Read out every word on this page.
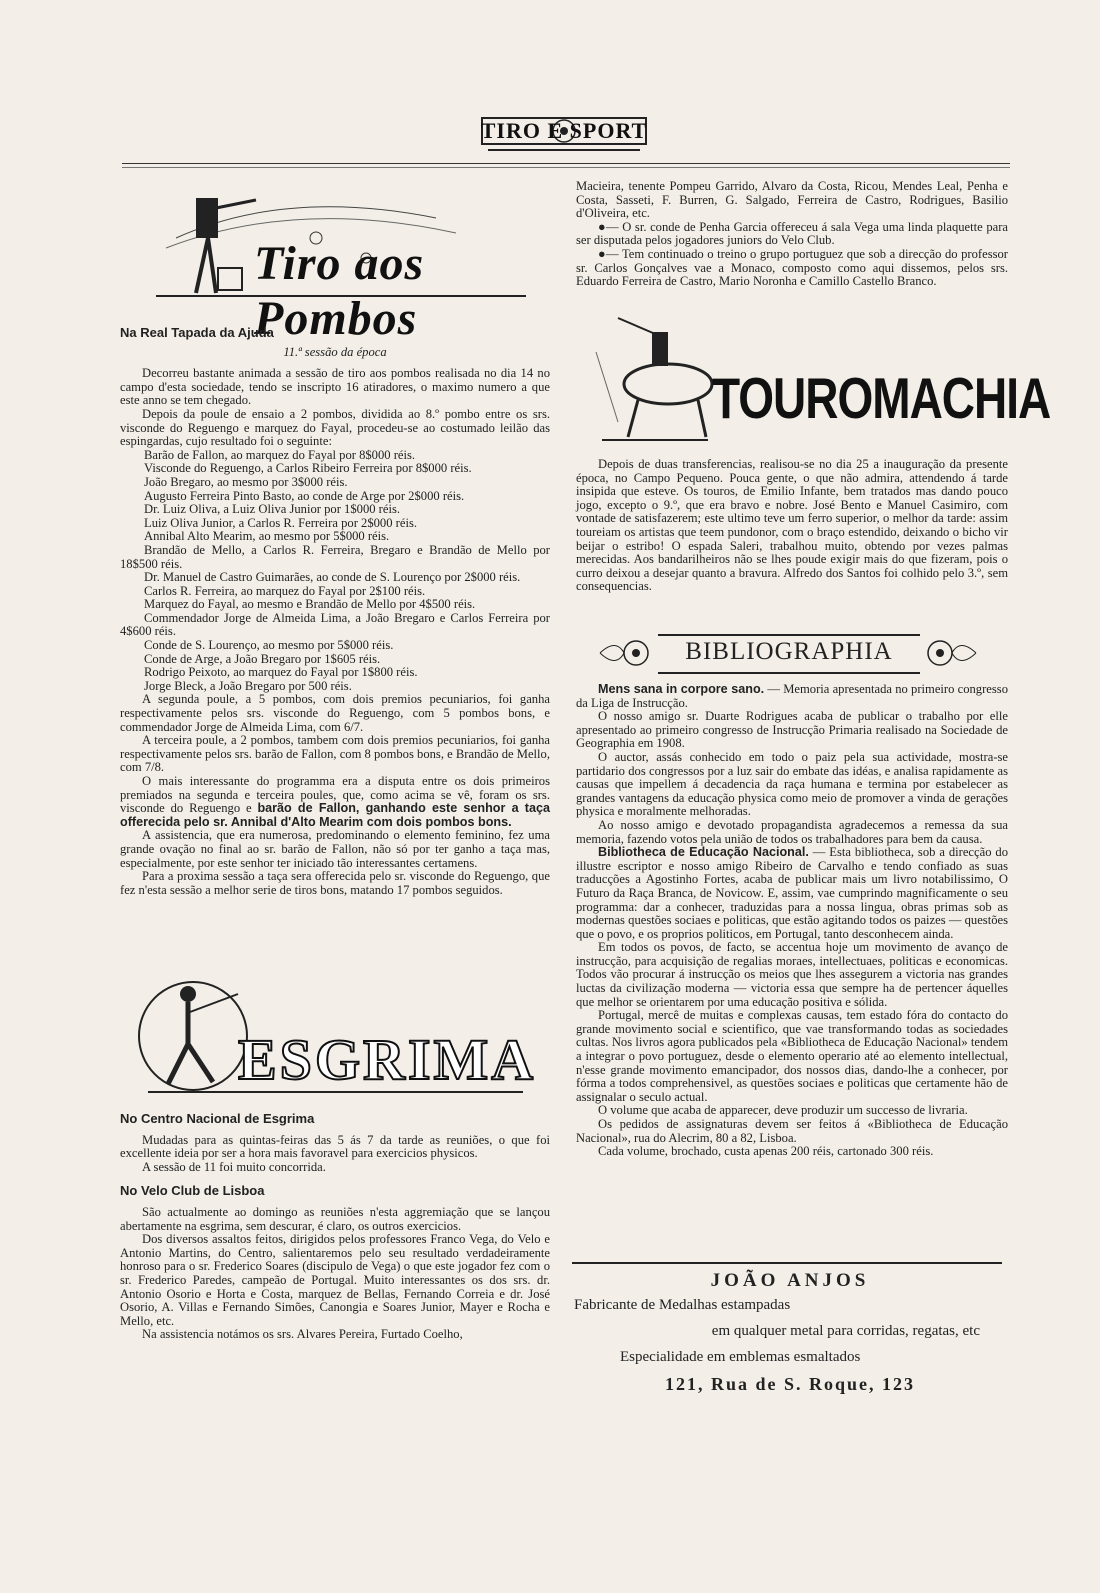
TIRO E SPORT
Tiro aos Pombos

Na Real Tapada da Ajuda

11.ª sessão da época

Decorreu bastante animada a sessão de tiro aos pombos realisada no dia 14 no campo d'esta sociedade, tendo se inscripto 16 atiradores, o maximo numero a que este anno se tem chegado.

Depois da poule de ensaio a 2 pombos, dividida ao 8.º pombo entre os srs. visconde do Reguengo e marquez do Fayal, procedeu-se ao costumado leilão das espingardas, cujo resultado foi o seguinte:

Barão de Fallon, ao marquez do Fayal por 8$000 réis.

Visconde do Reguengo, a Carlos Ribeiro Ferreira por 8$000 réis.

João Bregaro, ao mesmo por 3$000 réis.

Augusto Ferreira Pinto Basto, ao conde de Arge por 2$000 réis.

Dr. Luiz Oliva, a Luiz Oliva Junior por 1$000 réis.

Luiz Oliva Junior, a Carlos R. Ferreira por 2$000 réis.

Annibal Alto Mearim, ao mesmo por 5$000 réis.

Brandão de Mello, a Carlos R. Ferreira, Bregaro e Brandão de Mello por 18$500 réis.

Dr. Manuel de Castro Guimarães, ao conde de S. Lourenço por 2$000 réis.

Carlos R. Ferreira, ao marquez do Fayal por 2$100 réis.

Marquez do Fayal, ao mesmo e Brandão de Mello por 4$500 réis.

Commendador Jorge de Almeida Lima, a João Bregaro e Carlos Ferreira por 4$600 réis.

Conde de S. Lourenço, ao mesmo por 5$000 réis.

Conde de Arge, a João Bregaro por 1$605 réis.

Rodrigo Peixoto, ao marquez do Fayal por 1$800 réis.

Jorge Bleck, a João Bregaro por 500 réis.

A segunda poule, a 5 pombos, com dois premios pecuniarios, foi ganha respectivamente pelos srs. visconde do Reguengo, com 5 pombos bons, e commendador Jorge de Almeida Lima, com 6/7.

A terceira poule, a 2 pombos, tambem com dois premios pecuniarios, foi ganha respectivamente pelos srs. barão de Fallon, com 8 pombos bons, e Brandão de Mello, com 7/8.

O mais interessante do programma era a disputa entre os dois primeiros premiados na segunda e terceira poules, que, como acima se vê, foram os srs. visconde do Reguengo e barão de Fallon, ganhando este senhor a taça offerecida pelo sr. Annibal d'Alto Mearim com dois pombos bons.

A assistencia, que era numerosa, predominando o elemento feminino, fez uma grande ovação no final ao sr. barão de Fallon, não só por ter ganho a taça mas, especialmente, por este senhor ter iniciado tão interessantes certamens.

Para a proxima sessão a taça sera offerecida pelo sr. visconde do Reguengo, que fez n'esta sessão a melhor serie de tiros bons, matando 17 pombos seguidos.

ESGRIMA

No Centro Nacional de Esgrima

Mudadas para as quintas-feiras das 5 ás 7 da tarde as reuniões, o que foi excellente ideia por ser a hora mais favoravel para exercicios physicos.

A sessão de 11 foi muito concorrida.

No Velo Club de Lisboa

São actualmente ao domingo as reuniões n'esta aggremiação que se lançou abertamente na esgrima, sem descurar, é claro, os outros exercicios.

Dos diversos assaltos feitos, dirigidos pelos professores Franco Vega, do Velo e Antonio Martins, do Centro, salientaremos pelo seu resultado verdadeiramente honroso para o sr. Frederico Soares (discipulo de Vega) o que este jogador fez com o sr. Frederico Paredes, campeão de Portugal. Muito interessantes os dos srs. dr. Antonio Osorio e Horta e Costa, marquez de Bellas, Fernando Correia e dr. José Osorio, A. Villas e Fernando Simões, Canongia e Soares Junior, Mayer e Rocha e Mello, etc.

Na assistencia notámos os srs. Alvares Pereira, Furtado Coelho,

Macieira, tenente Pompeu Garrido, Alvaro da Costa, Ricou, Mendes Leal, Penha e Costa, Sasseti, F. Burren, G. Salgado, Ferreira de Castro, Rodrigues, Basilio d'Oliveira, etc.

●— O sr. conde de Penha Garcia offereceu á sala Vega uma linda plaquette para ser disputada pelos jogadores juniors do Velo Club.

●— Tem continuado o treino o grupo portuguez que sob a direcção do professor sr. Carlos Gonçalves vae a Monaco, composto como aqui dissemos, pelos srs. Eduardo Ferreira de Castro, Mario Noronha e Camillo Castello Branco.

TOUROMACHIA

Depois de duas transferencias, realisou-se no dia 25 a inauguração da presente época, no Campo Pequeno. Pouca gente, o que não admira, attendendo á tarde insipida que esteve. Os touros, de Emilio Infante, bem tratados mas dando pouco jogo, excepto o 9.º, que era bravo e nobre. José Bento e Manuel Casimiro, com vontade de satisfazerem; este ultimo teve um ferro superior, o melhor da tarde: assim toureiam os artistas que teem pundonor, com o braço estendido, deixando o bicho vir beijar o estribo! O espada Saleri, trabalhou muito, obtendo por vezes palmas merecidas. Aos bandarilheiros não se lhes poude exigir mais do que fizeram, pois o curro deixou a desejar quanto a bravura. Alfredo dos Santos foi colhido pelo 3.º, sem consequencias.

BIBLIOGRAPHIA

Mens sana in corpore sano. — Memoria apresentada no primeiro congresso da Liga de Instrucção.

O nosso amigo sr. Duarte Rodrigues acaba de publicar o trabalho por elle apresentado ao primeiro congresso de Instrucção Primaria realisado na Sociedade de Geographia em 1908.

O auctor, assás conhecido em todo o paiz pela sua actividade, mostra-se partidario dos congressos por a luz sair do embate das idéas, e analisa rapidamente as causas que impellem á decadencia da raça humana e termina por estabelecer as grandes vantagens da educação physica como meio de promover a vinda de gerações physica e moralmente melhoradas.

Ao nosso amigo e devotado propagandista agradecemos a remessa da sua memoria, fazendo votos pela união de todos os trabalhadores para bem da causa.

Bibliotheca de Educação Nacional. — Esta bibliotheca, sob a direcção do illustre escriptor e nosso amigo Ribeiro de Carvalho e tendo confiado as suas traducções a Agostinho Fortes, acaba de publicar mais um livro notabilissimo, O Futuro da Raça Branca, de Novicow. E, assim, vae cumprindo magnificamente o seu programma: dar a conhecer, traduzidas para a nossa lingua, obras primas sob as modernas questões sociaes e politicas, que estão agitando todos os paizes — questões que o povo, e os proprios politicos, em Portugal, tanto desconhecem ainda.

Em todos os povos, de facto, se accentua hoje um movimento de avanço de instrucção, para acquisição de regalias moraes, intellectuaes, politicas e economicas. Todos vão procurar á instrucção os meios que lhes assegurem a victoria nas grandes luctas da civilização moderna — victoria essa que sempre ha de pertencer áquelles que melhor se orientarem por uma educação positiva e sólida.

Portugal, mercê de muitas e complexas causas, tem estado fóra do contacto do grande movimento social e scientifico, que vae transformando todas as sociedades cultas. Nos livros agora publicados pela «Bibliotheca de Educação Nacional» tendem a integrar o povo portuguez, desde o elemento operario até ao elemento intellectual, n'esse grande movimento emancipador, dos nossos dias, dando-lhe a conhecer, por fórma a todos comprehensivel, as questões sociaes e politicas que certamente hão de assignalar o seculo actual.

O volume que acaba de apparecer, deve produzir um successo de livraria.

Os pedidos de assignaturas devem ser feitos á «Bibliotheca de Educação Nacional», rua do Alecrim, 80 a 82, Lisboa.

Cada volume, brochado, custa apenas 200 réis, cartonado 300 réis.

JOÃO ANJOS
Fabricante de Medalhas estampadas
em qualquer metal para corridas, regatas, etc
Especialidade em emblemas esmaltados
121, Rua de S. Roque, 123
